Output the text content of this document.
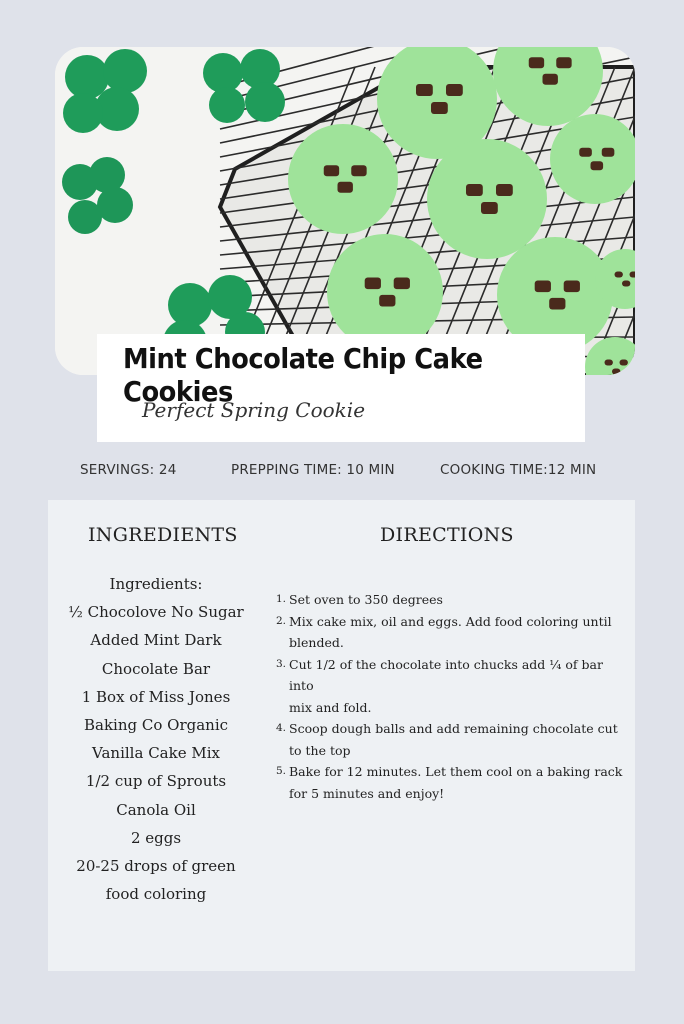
Mint Chocolate Chip Cake Cookies
Perfect Spring Cookie
SERVINGS: 24	PREPPING TIME: 10 MIN	COOKING TIME:12 MIN
INGREDIENTS	DIRECTIONS
Ingredients:
½ Chocolove No Sugar
Added Mint Dark
Chocolate Bar
1 Box of Miss Jones
Baking Co Organic
Vanilla Cake Mix
1/2 cup of Sprouts
Canola Oil
2 eggs
20-25 drops of green
food coloring
1. Set oven to 350 degrees
2. Mix cake mix, oil and eggs. Add food coloring until
blended.
3. Cut 1/2 of the chocolate into chucks add ¼ of bar into
mix and fold.
4. Scoop dough balls and add remaining chocolate cut
to the top
5. Bake for 12 minutes. Let them cool on a baking rack
for 5 minutes and enjoy!
